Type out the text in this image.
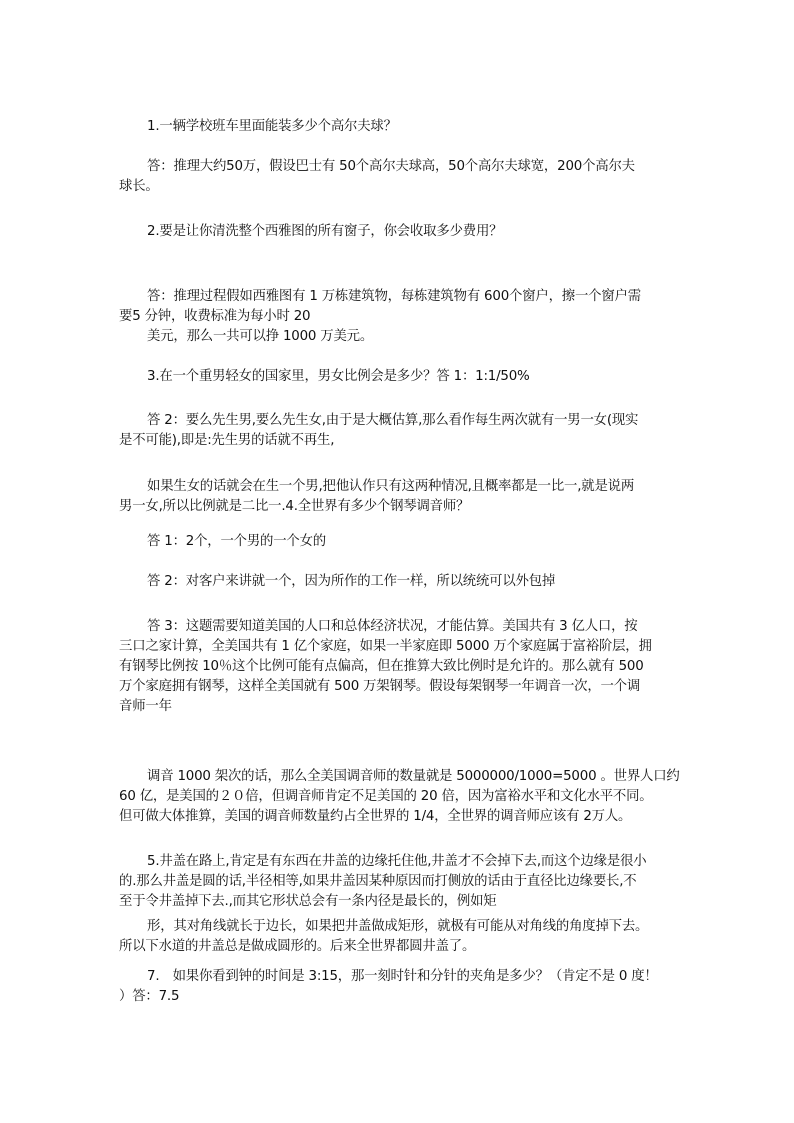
1.一辆学校班车里面能装多少个高尔夫球？
答：推理大约50万，假设巴士有 50个高尔夫球高，50个高尔夫球宽，200个高尔夫
球长。
2.要是让你清洗整个西雅图的所有窗子，你会收取多少费用？
答：推理过程假如西雅图有 1 万栋建筑物，每栋建筑物有 600个窗户，擦一个窗户需
要5 分钟，收费标准为每小时 20
美元，那么一共可以挣 1000 万美元。
3.在一个重男轻女的国家里，男女比例会是多少？答 1：1:1/50%
答 2：要么先生男,要么先生女,由于是大概估算,那么看作每生两次就有一男一女(现实
是不可能),即是:先生男的话就不再生,
如果生女的话就会在生一个男,把他认作只有这两种情况,且概率都是一比一,就是说两
男一女,所以比例就是二比一.4.全世界有多少个钢琴调音师？
答 1：2个，一个男的一个女的
答 2：对客户来讲就一个，因为所作的工作一样，所以统统可以外包掉
答 3：这题需要知道美国的人口和总体经济状况，才能估算。美国共有 3 亿人口，按
三口之家计算，全美国共有 1 亿个家庭，如果一半家庭即 5000 万个家庭属于富裕阶层，拥
有钢琴比例按 10％这个比例可能有点偏高，但在推算大致比例时是允许的。那么就有 500
万个家庭拥有钢琴，这样全美国就有 500 万架钢琴。假设每架钢琴一年调音一次，一个调
音师一年
调音 1000 架次的话，那么全美国调音师的数量就是 5000000/1000=5000 。世界人口约
60 亿，是美国的２０倍，但调音师肯定不足美国的 20 倍，因为富裕水平和文化水平不同。
但可做大体推算，美国的调音师数量约占全世界的 1/4，全世界的调音师应该有 2万人。
5.井盖在路上,肯定是有东西在井盖的边缘托住他,井盖才不会掉下去,而这个边缘是很小
的.那么井盖是圆的话,半径相等,如果井盖因某种原因而打侧放的话由于直径比边缘要长,不
至于令井盖掉下去.,而其它形状总会有一条内径是最长的，例如矩
形，其对角线就长于边长，如果把井盖做成矩形，就极有可能从对角线的角度掉下去。
所以下水道的井盖总是做成圆形的。后来全世界都圆井盖了。
7.　如果你看到钟的时间是 3:15，那一刻时针和分针的夹角是多少？（肯定不是 0 度！
）答：7.5
